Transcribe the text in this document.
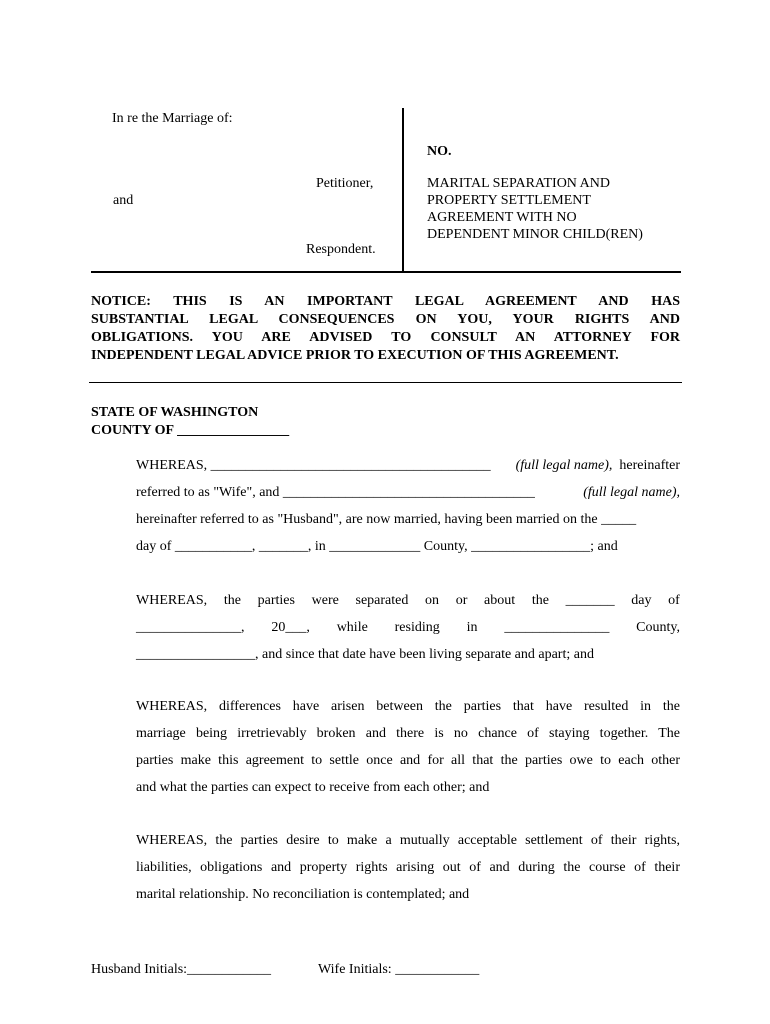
In re the Marriage of:
Petitioner,
and
Respondent.
NO.
MARITAL SEPARATION AND
PROPERTY SETTLEMENT
AGREEMENT WITH NO
DEPENDENT MINOR CHILD(REN)
NOTICE: THIS IS AN IMPORTANT LEGAL AGREEMENT AND HAS
SUBSTANTIAL LEGAL CONSEQUENCES ON YOU, YOUR RIGHTS AND
OBLIGATIONS. YOU ARE ADVISED TO CONSULT AN ATTORNEY FOR
INDEPENDENT LEGAL ADVICE PRIOR TO EXECUTION OF THIS AGREEMENT.
STATE OF WASHINGTON
COUNTY OF ________________
WHEREAS, ________________________________________ (full legal name), hereinafter
referred to as "Wife", and ____________________________________	(full legal name),
hereinafter referred to as "Husband", are now married, having been married on the _____
day of ___________, _______, in _____________ County, _________________; and
WHEREAS, the parties were separated on or about the _______ day of
_______________, 20___, while residing in _______________ County,
_________________, and since that date have been living separate and apart; and
WHEREAS, differences have arisen between the parties that have resulted in the
marriage being irretrievably broken and there is no chance of staying together. The
parties make this agreement to settle once and for all that the parties owe to each other
and what the parties can expect to receive from each other; and
WHEREAS, the parties desire to make a mutually acceptable settlement of their rights,
liabilities, obligations and property rights arising out of and during the course of their
marital relationship. No reconciliation is contemplated; and
Husband Initials:____________	Wife Initials: ____________
